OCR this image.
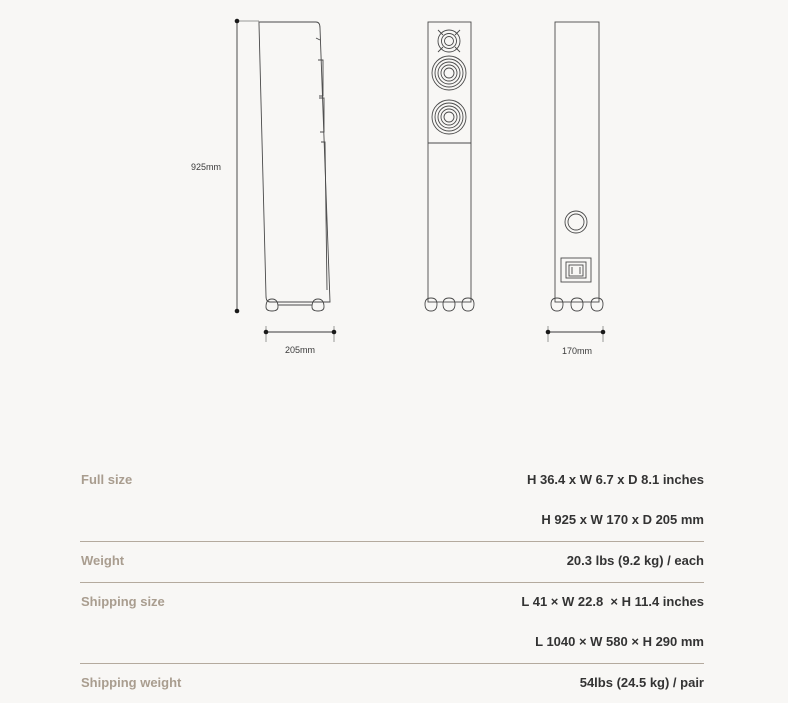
925mm
205mm	170mm
Full size	H 36.4 x W 6.7 x D 8.1 inches
H 925 x W 170 x D 205 mm
Weight	20.3 lbs (9.2 kg) / each
Shipping size	L 41 × W 22.8  × H 11.4 inches
L 1040 × W 580 × H 290 mm
Shipping weight	54lbs (24.5 kg) / pair
